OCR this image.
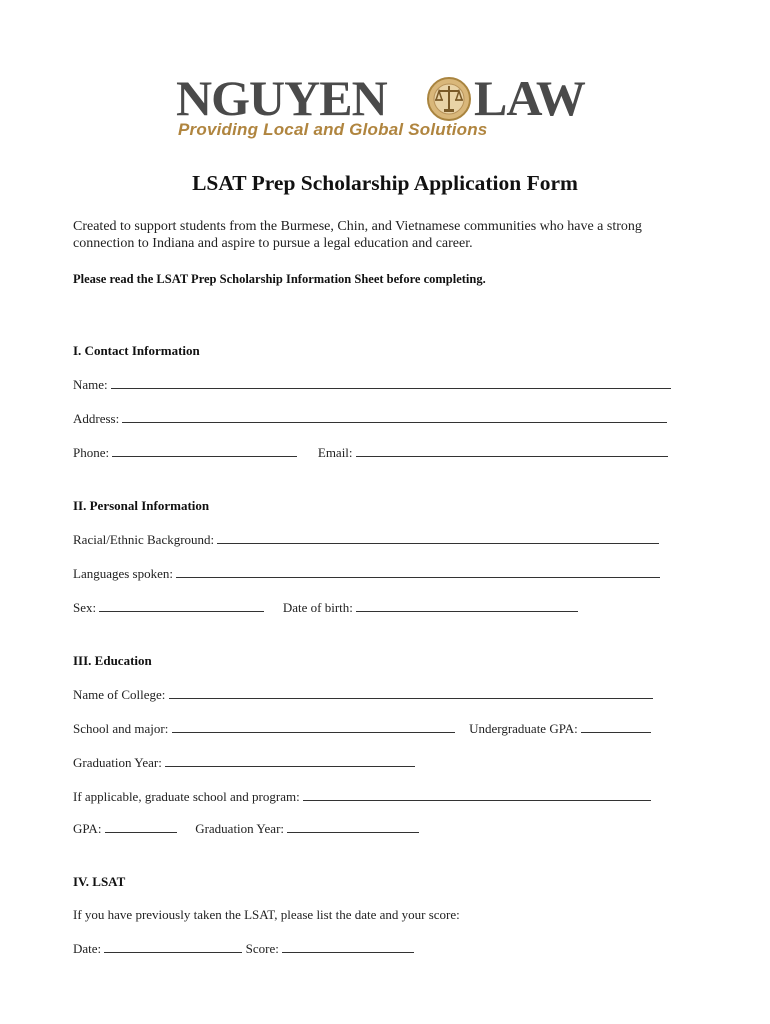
NGUYEN LAW
Providing Local and Global Solutions
LSAT Prep Scholarship Application Form
Created to support students from the Burmese, Chin, and Vietnamese communities who have a strong connection to Indiana and aspire to pursue a legal education and career.
Please read the LSAT Prep Scholarship Information Sheet before completing.
I. Contact Information
Name:
Address:
Phone:	Email:
II. Personal Information
Racial/Ethnic Background:
Languages spoken:
Sex:	Date of birth:
III. Education
Name of College:
School and major:	Undergraduate GPA:
Graduation Year:
If applicable, graduate school and program:
GPA:	Graduation Year:
IV. LSAT
If you have previously taken the LSAT, please list the date and your score:
Date:	Score:
